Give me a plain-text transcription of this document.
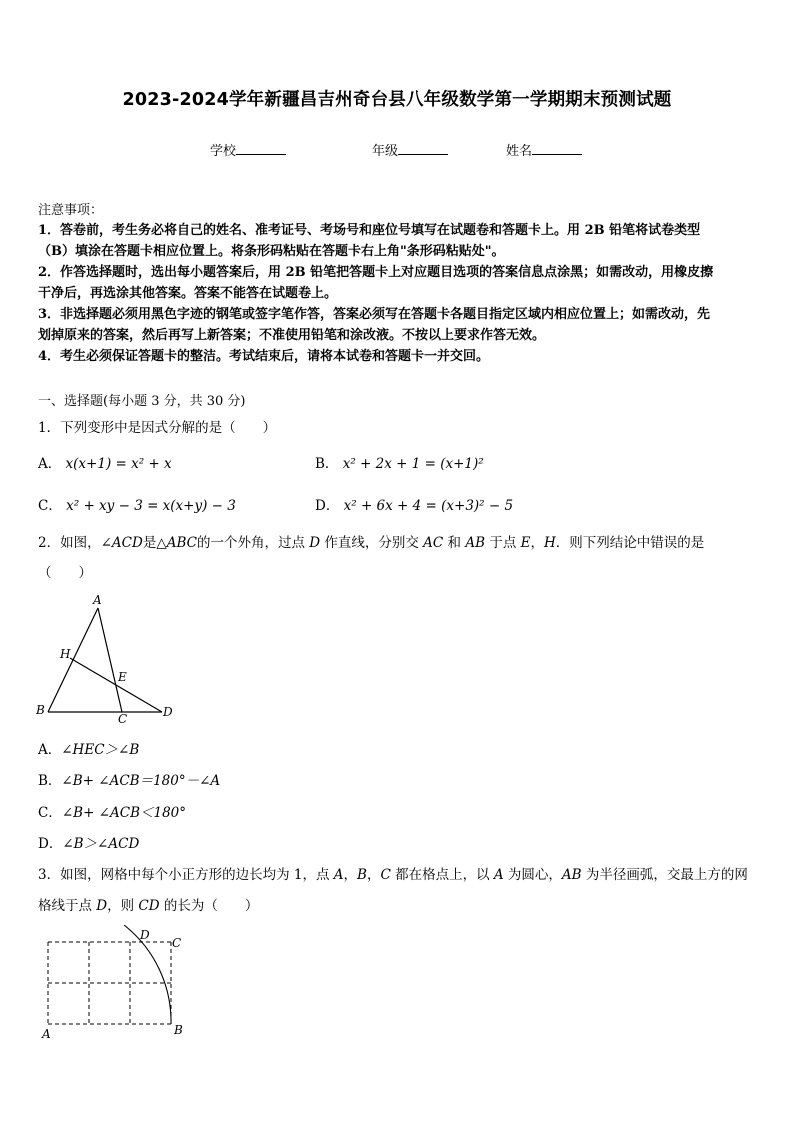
2023-2024学年新疆昌吉州奇台县八年级数学第一学期期末预测试题
学校	年级	姓名
注意事项：
1．答卷前，考生务必将自己的姓名、准考证号、考场号和座位号填写在试题卷和答题卡上。用 2B 铅笔将试卷类型
（B）填涂在答题卡相应位置上。将条形码粘贴在答题卡右上角"条形码粘贴处"。
2．作答选择题时，选出每小题答案后，用 2B 铅笔把答题卡上对应题目选项的答案信息点涂黑；如需改动，用橡皮擦
干净后，再选涂其他答案。答案不能答在试题卷上。
3．非选择题必须用黑色字迹的钢笔或签字笔作答，答案必须写在答题卡各题目指定区域内相应位置上；如需改动，先
划掉原来的答案，然后再写上新答案；不准使用铅笔和涂改液。不按以上要求作答无效。
4．考生必须保证答题卡的整洁。考试结束后，请将本试卷和答题卡一并交回。
一、选择题(每小题 3 分，共 30 分)
1．下列变形中是因式分解的是（　　）
A． x(x+1) = x² + x	B． x² + 2x + 1 = (x+1)²
C． x² + xy − 3 = x(x+y) − 3	D． x² + 6x + 4 = (x+3)² − 5
2．如图，∠ACD是△ABC的一个外角，过点 D 作直线，分别交 AC 和 AB 于点 E，H．则下列结论中错误的是
（　　）
A
B
C	D
E
H
A．∠HEC＞∠B
B．∠B+ ∠ACB＝180°－∠A
C．∠B+ ∠ACB＜180°
D．∠B＞∠ACD
3．如图，网格中每个小正方形的边长均为 1，点 A，B，C 都在格点上，以 A 为圆心，AB 为半径画弧，交最上方的网
格线于点 D，则 CD 的长为（　　）
A	B
C
D
